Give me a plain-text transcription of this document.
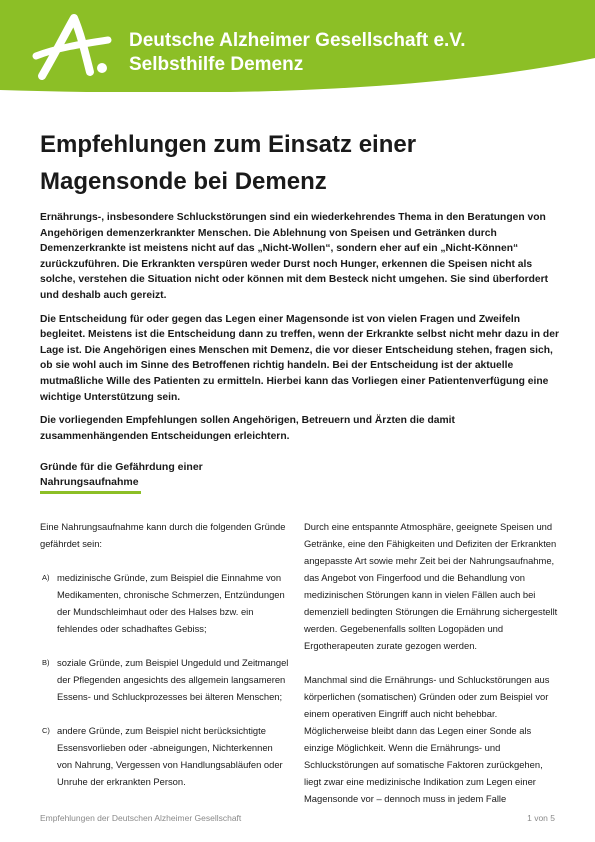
Deutsche Alzheimer Gesellschaft e.V.
Selbsthilfe Demenz
Empfehlungen zum Einsatz einer
Magensonde bei Demenz

Ernährungs-, insbesondere Schluckstörungen sind ein wiederkehrendes Thema in den Beratungen von Angehörigen demenzerkrankter Menschen. Die Ablehnung von Speisen und Getränken durch Demenzerkrankte ist meistens nicht auf das „Nicht-Wollen“, sondern eher auf ein „Nicht-Können“ zurückzuführen. Die Erkrankten verspüren weder Durst noch Hunger, erkennen die Speisen nicht als solche, verstehen die Situation nicht oder können mit dem Besteck nicht umgehen. Sie sind überfordert und deshalb auch gereizt.

Die Entscheidung für oder gegen das Legen einer Magensonde ist von vielen Fragen und Zweifeln begleitet. Meistens ist die Entscheidung dann zu treffen, wenn der Erkrankte selbst nicht mehr dazu in der Lage ist. Die Angehörigen eines Menschen mit Demenz, die vor dieser Entscheidung stehen, fragen sich, ob sie wohl auch im Sinne des Betroffenen richtig handeln. Bei der Entscheidung ist der aktuelle mutmaßliche Wille des Patienten zu ermitteln. Hierbei kann das Vorliegen einer Patientenverfügung eine wichtige Unterstützung sein.

Die vorliegenden Empfehlungen sollen Angehörigen, Betreuern und Ärzten die damit zusammenhängenden Entscheidungen erleichtern.

Gründe für die Gefährdung einer
Nahrungsaufnahme

Eine Nahrungsaufnahme kann durch die folgenden Gründe gefährdet sein:

A) medizinische Gründe, zum Beispiel die Einnahme von Medikamenten, chronische Schmerzen, Entzündungen der Mundschleimhaut oder des Halses bzw. ein fehlendes oder schadhaftes Gebiss;

B) soziale Gründe, zum Beispiel Ungeduld und Zeitmangel der Pflegenden angesichts des allgemein langsameren Essens- und Schluckprozesses bei älteren Menschen;

C) andere Gründe, zum Beispiel nicht berücksichtigte Essensvorlieben oder -abneigungen, Nichterkennen von Nahrung, Vergessen von Handlungsabläufen oder Unruhe der erkrankten Person.

Durch eine entspannte Atmosphäre, geeignete Speisen und Getränke, eine den Fähigkeiten und Defiziten der Erkrankten angepasste Art sowie mehr Zeit bei der Nahrungsaufnahme, das Angebot von Fingerfood und die Behandlung von medizinischen Störungen kann in vielen Fällen auch bei demenziell bedingten Störungen die Ernährung sichergestellt werden. Gegebenenfalls sollten Logopäden und Ergotherapeuten zurate gezogen werden.

Manchmal sind die Ernährungs- und Schluckstörungen aus körperlichen (somatischen) Gründen oder zum Beispiel vor einem operativen Eingriff auch nicht behebbar. Möglicherweise bleibt dann das Legen einer Sonde als einzige Möglichkeit. Wenn die Ernährungs- und Schluckstörungen auf somatische Faktoren zurückgehen, liegt zwar eine medizinische Indikation zum Legen einer Magensonde vor – dennoch muss in jedem Falle

Empfehlungen der Deutschen Alzheimer Gesellschaft	1 von 5
